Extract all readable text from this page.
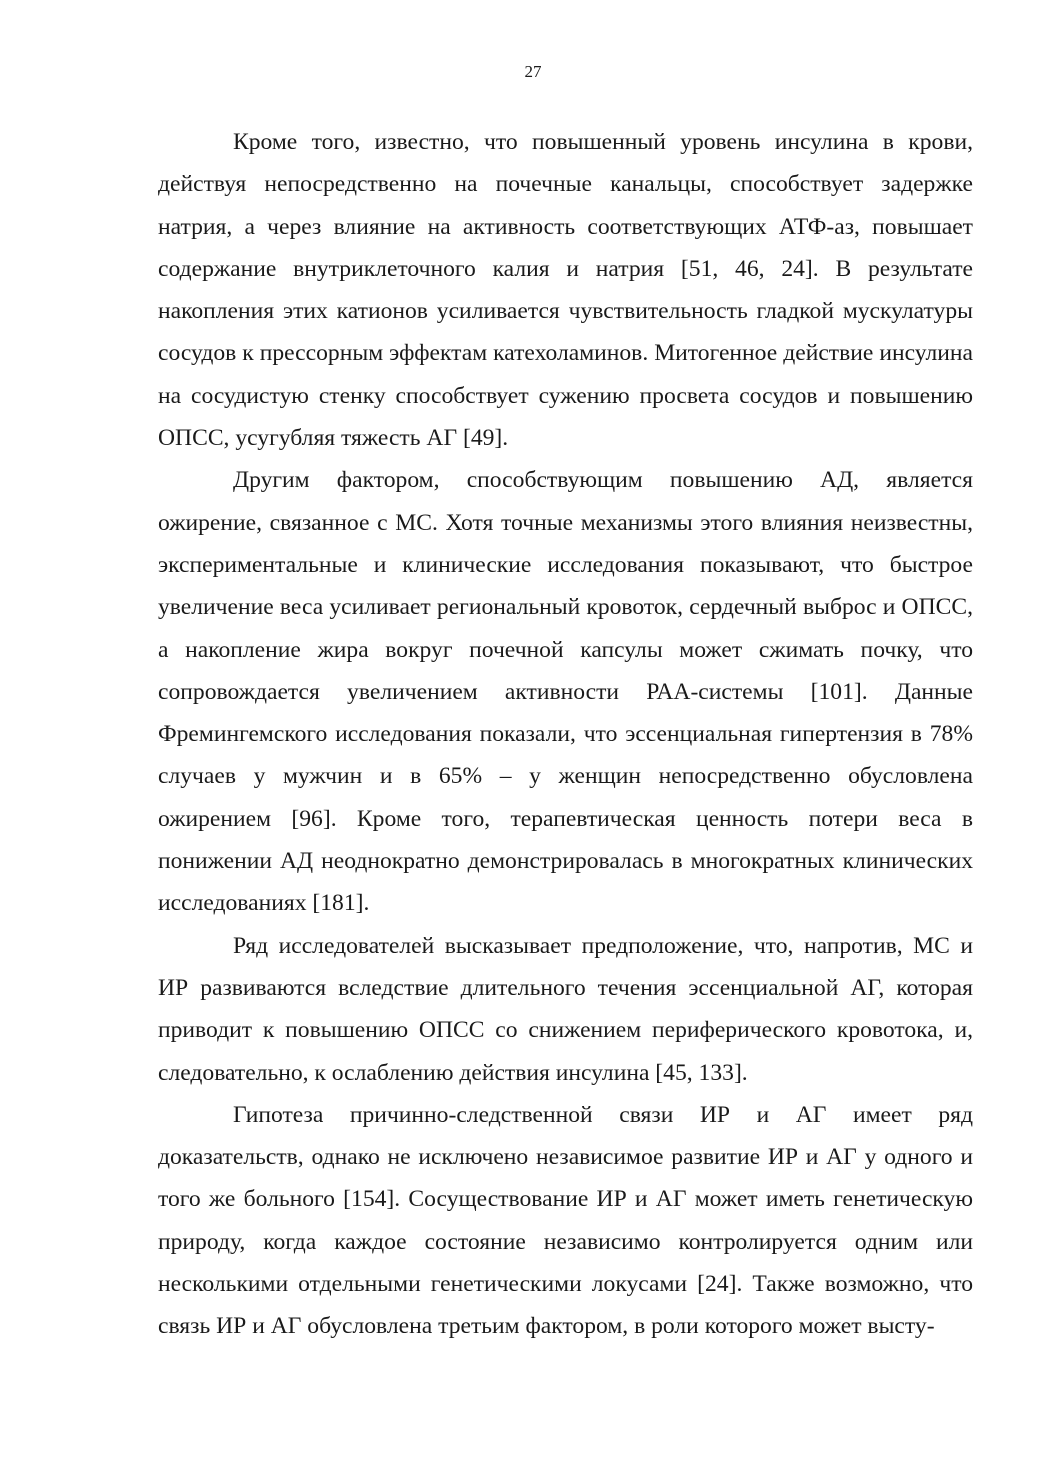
27

Кроме того, известно, что повышенный уровень инсулина в крови, действуя непосредственно на почечные канальцы, способствует задержке натрия, а через влияние на активность соответствующих АТФ-аз, повышает содержание внутриклеточного калия и натрия [51, 46, 24]. В результате накопления этих катионов усиливается чувствительность гладкой мускулатуры сосудов к прессорным эффектам катехоламинов. Митогенное действие инсулина на сосудистую стенку способствует сужению просвета сосудов и повышению ОПСС, усугубляя тяжесть АГ [49].

Другим фактором, способствующим повышению АД, является ожирение, связанное с МС. Хотя точные механизмы этого влияния неизвестны, экспериментальные и клинические исследования показывают, что быстрое увеличение веса усиливает региональный кровоток, сердечный выброс и ОПСС, а накопление жира вокруг почечной капсулы может сжимать почку, что сопровождается увеличением активности РАА-системы [101]. Данные Фремингемского исследования показали, что эссенциальная гипертензия в 78% случаев у мужчин и в 65% – у женщин непосредственно обусловлена ожирением [96]. Кроме того, терапевтическая ценность потери веса в понижении АД неоднократно демонстрировалась в многократных клинических исследованиях [181].

Ряд исследователей высказывает предположение, что, напротив, МС и ИР развиваются вследствие длительного течения эссенциальной АГ, которая приводит к повышению ОПСС со снижением периферического кровотока, и, следовательно, к ослаблению действия инсулина [45, 133].

Гипотеза причинно-следственной связи ИР и АГ имеет ряд доказательств, однако не исключено независимое развитие ИР и АГ у одного и того же больного [154]. Сосуществование ИР и АГ может иметь генетическую природу, когда каждое состояние независимо контролируется одним или несколькими отдельными генетическими локусами [24]. Также возможно, что связь ИР и АГ обусловлена третьим фактором, в роли которого может высту-
